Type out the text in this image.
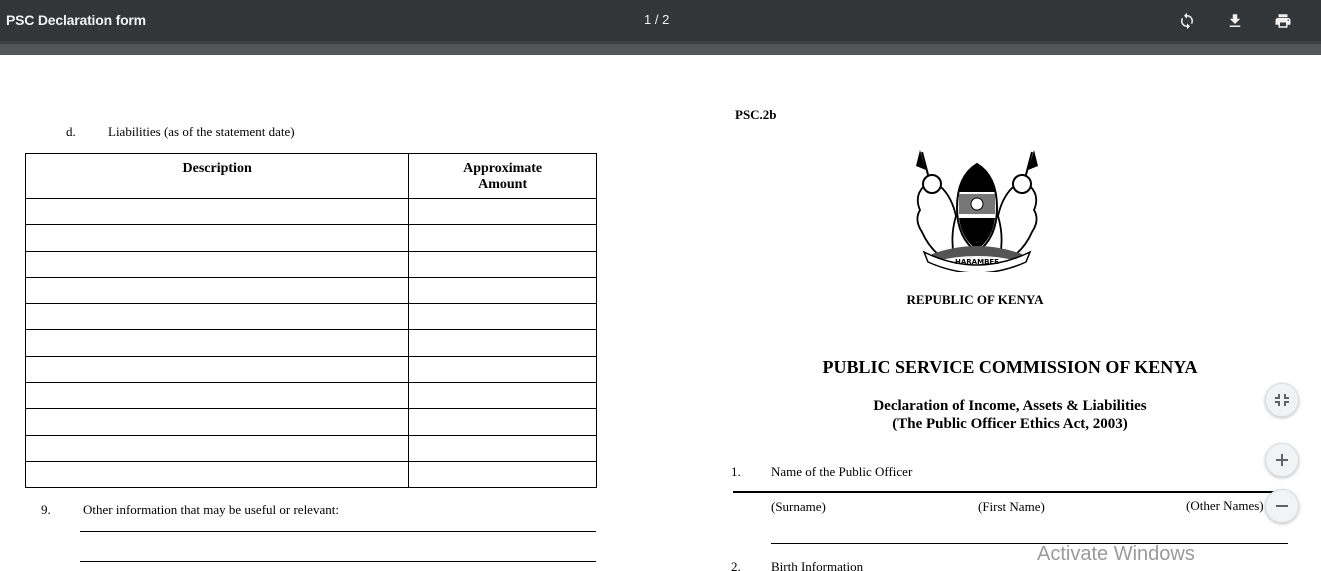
PSC Declaration form	1 / 2
d. Liabilities (as of the statement date)
Description	Approximate
Amount

9. Other information that may be useful or relevant:
PSC.2b
HARAMBEE
REPUBLIC OF KENYA
PUBLIC SERVICE COMMISSION OF KENYA
Declaration of Income, Assets & Liabilities
(The Public Officer Ethics Act, 2003)
1. Name of the Public Officer
(Surname)	(First Name)	(Other Names)
2. Birth Information
Activate Windows
